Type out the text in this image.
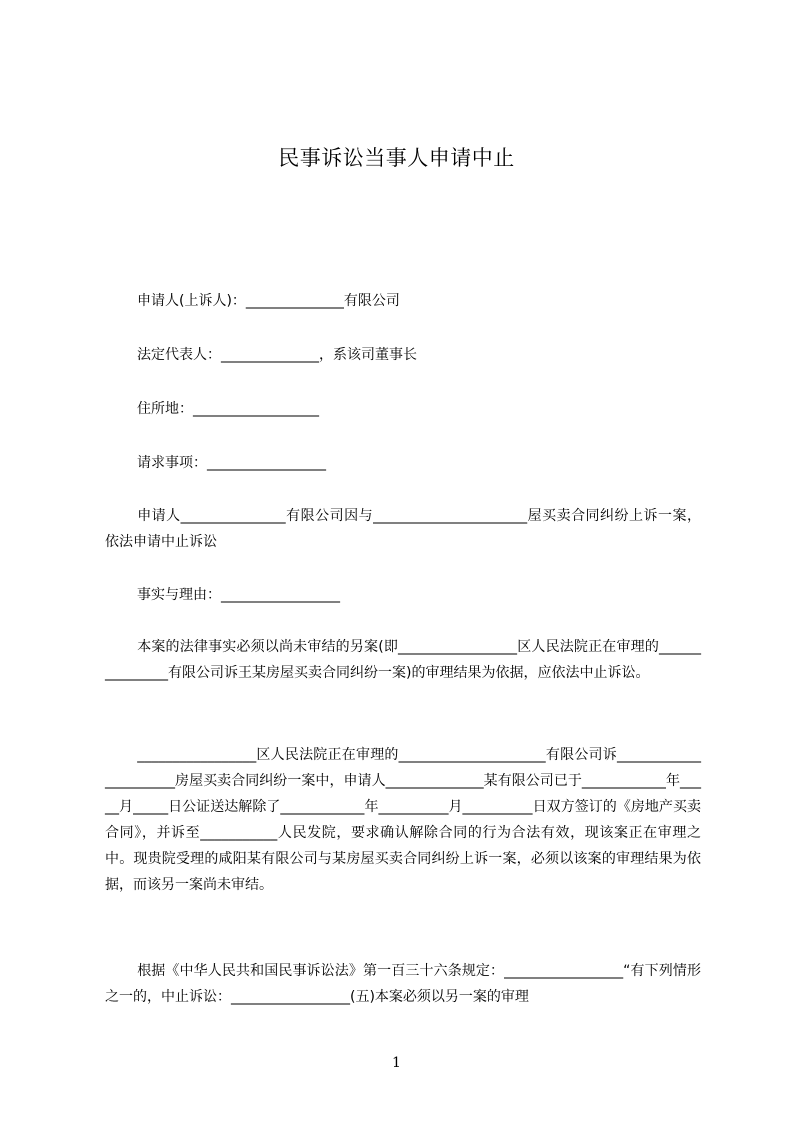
民事诉讼当事人申请中止
申请人(上诉人)：______________有限公司
法定代表人：______________，系该司董事长
住所地：__________________
请求事项：_________________
申请人_______________有限公司因与______________________屋买卖合同纠纷上诉一案，依法申请中止诉讼
事实与理由：_________________
本案的法律事实必须以尚未审结的另案(即_________________区人民法院正在审理的_______________有限公司诉王某房屋买卖合同纠纷一案)的审理结果为依据，应依法中止诉讼。
_________________区人民法院正在审理的_____________________有限公司诉______________________房屋买卖合同纠纷一案中，申请人______________某有限公司已于____________年_____月_____日公证送达解除了____________年__________月__________日双方签订的《房地产买卖合同》，并诉至___________人民发院，要求确认解除合同的行为合法有效，现该案正在审理之中。现贵院受理的咸阳某有限公司与某房屋买卖合同纠纷上诉一案，必须以该案的审理结果为依据，而该另一案尚未审结。
根据《中华人民共和国民事诉讼法》第一百三十六条规定：_________________“有下列情形之一的，中止诉讼：_________________(五)本案必须以另一案的审理
1
